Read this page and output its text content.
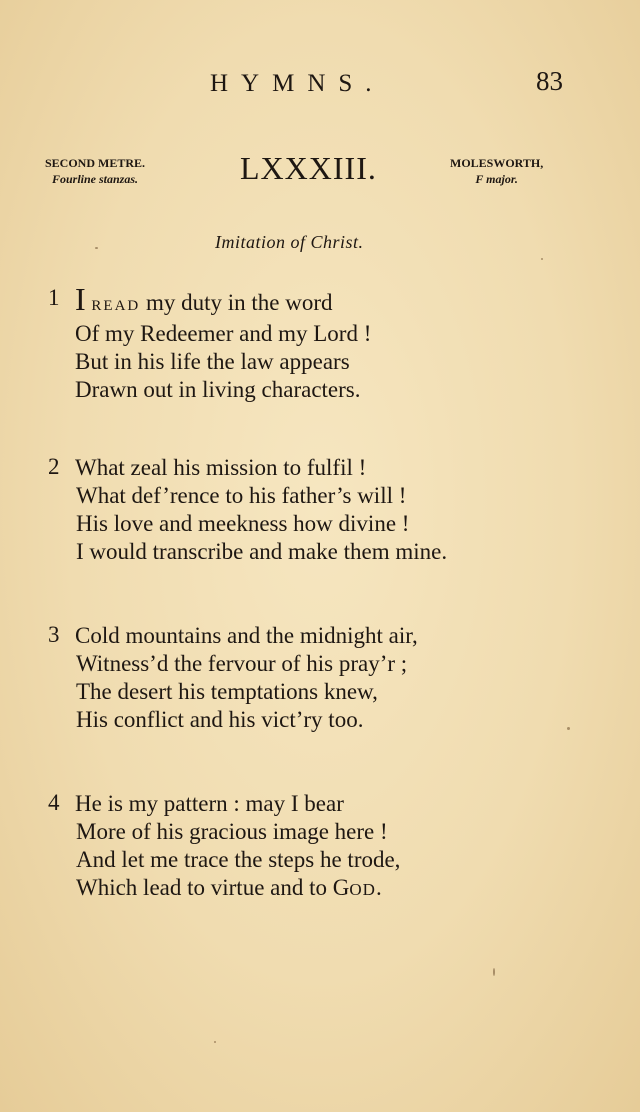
HYMNS.	83
SECOND METRE.
Fourline stanzas.	LXXXIII.	MOLESWORTH,
F major.
Imitation of Christ.
1 I READ my duty in the word
Of my Redeemer and my Lord !
But in his life the law appears
Drawn out in living characters.
2 What zeal his mission to fulfil !
What def’rence to his father’s will !
His love and meekness how divine !
I would transcribe and make them mine.
3 Cold mountains and the midnight air,
Witness’d the fervour of his pray’r ;
The desert his temptations knew,
His conflict and his vict’ry too.
4 He is my pattern : may I bear
More of his gracious image here !
And let me trace the steps he trode,
Which lead to virtue and to GOD.
